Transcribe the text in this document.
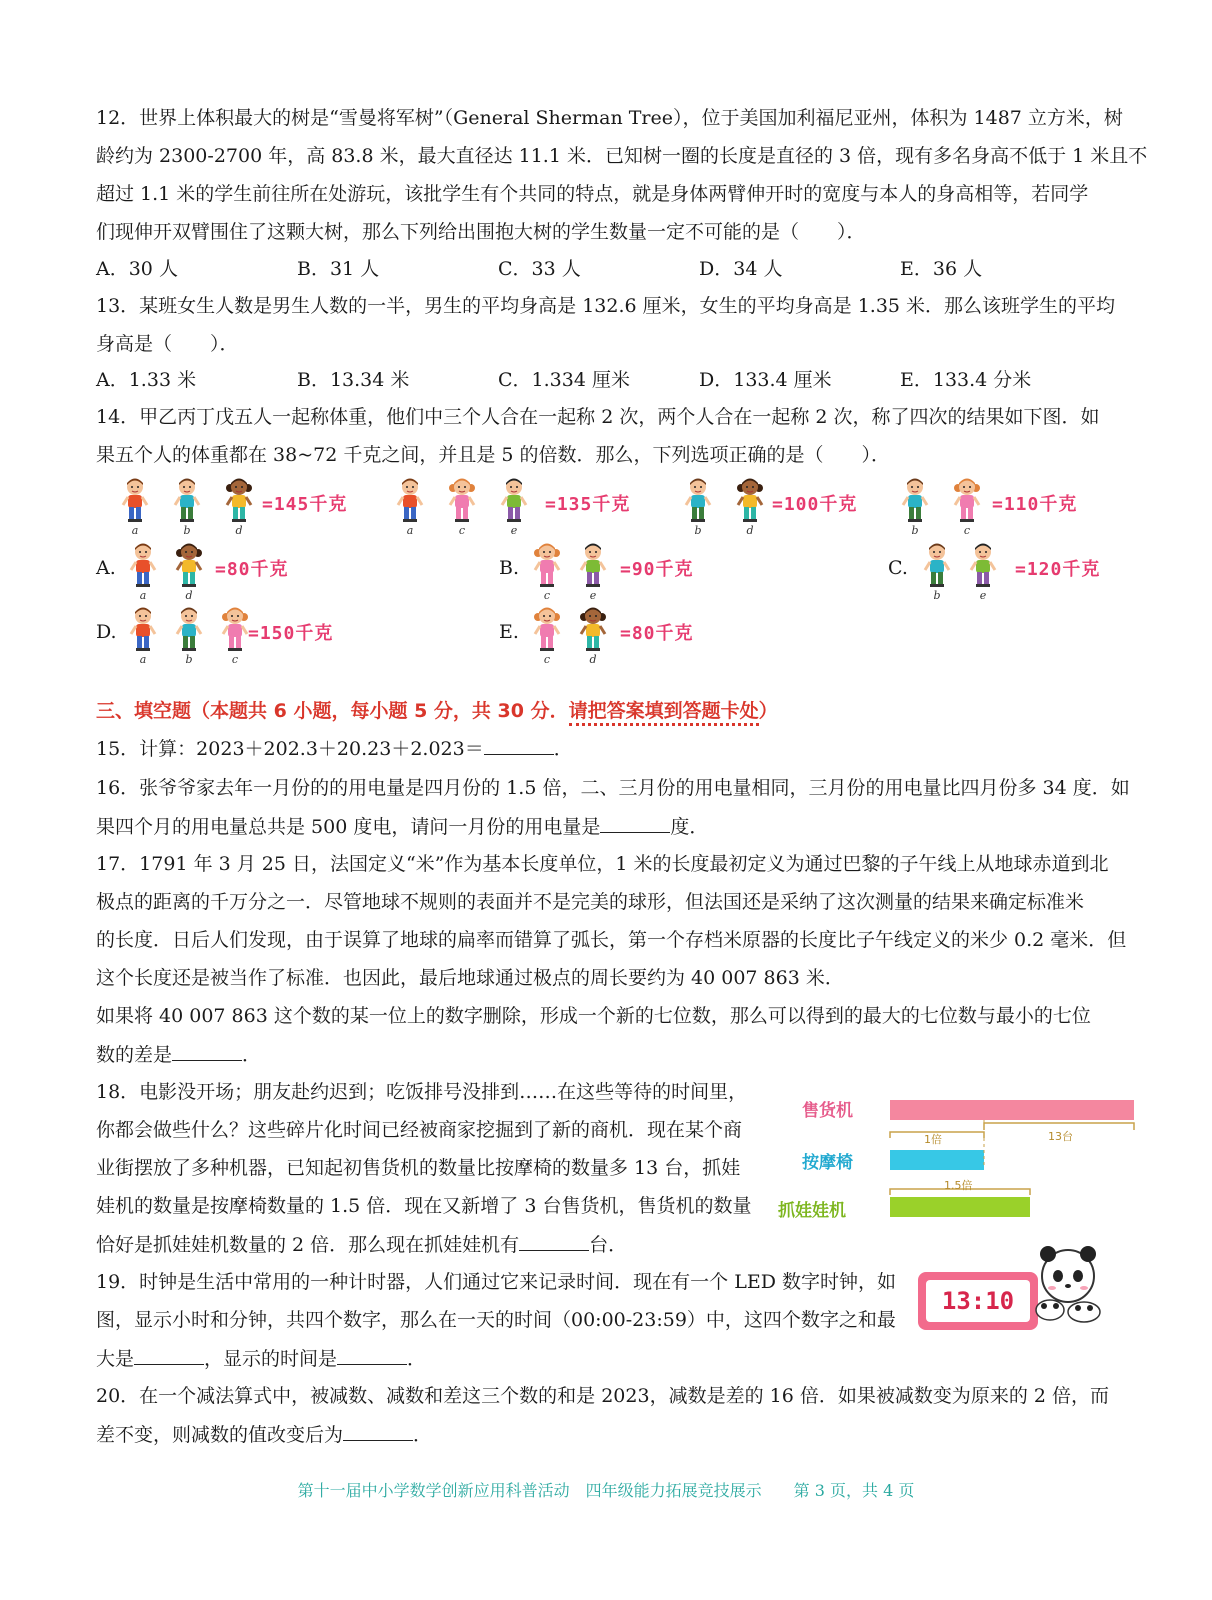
12．世界上体积最大的树是“雪曼将军树”（General Sherman Tree），位于美国加利福尼亚州，体积为 1487 立方米，树
龄约为 2300-2700 年，高 83.8 米，最大直径达 11.1 米．已知树一圈的长度是直径的 3 倍，现有多名身高不低于 1 米且不
超过 1.1 米的学生前往所在处游玩，该批学生有个共同的特点，就是身体两臂伸开时的宽度与本人的身高相等，若同学
们现伸开双臂围住了这颗大树，那么下列给出围抱大树的学生数量一定不可能的是（　　）．
A．30 人	B．31 人	C．33 人	D．34 人	E．36 人
13．某班女生人数是男生人数的一半，男生的平均身高是 132.6 厘米，女生的平均身高是 1.35 米．那么该班学生的平均
身高是（　　）．
A．1.33 米	B．13.34 米	C．1.334 厘米	D．133.4 厘米	E．133.4 分米
14．甲乙丙丁戊五人一起称体重，他们中三个人合在一起称 2 次，两个人合在一起称 2 次，称了四次的结果如下图．如
果五个人的体重都在 38~72 千克之间，并且是 5 的倍数．那么，下列选项正确的是（　　）．
a	b	d	a	c	e	b	d	b	c
a	d	c	e	b	e
a	b	c	c	d
=145千克	=135千克	=100千克	=110千克
A.	=80千克	B.	=90千克	C.	=120千克
D.	=150千克	E.	=80千克
三、填空题（本题共 6 小题，每小题 5 分，共 30 分．请把答案填到答题卡处）
15．计算：2023＋202.3＋20.23＋2.023＝	．
16．张爷爷家去年一月份的的用电量是四月份的 1.5 倍，二、三月份的用电量相同，三月份的用电量比四月份多 34 度．如
果四个月的用电量总共是 500 度电，请问一月份的用电量是	度．
17．1791 年 3 月 25 日，法国定义“米”作为基本长度单位，1 米的长度最初定义为通过巴黎的子午线上从地球赤道到北
极点的距离的千万分之一．尽管地球不规则的表面并不是完美的球形，但法国还是采纳了这次测量的结果来确定标准米
的长度．日后人们发现，由于误算了地球的扁率而错算了弧长，第一个存档米原器的长度比子午线定义的米少 0.2 毫米．但
这个长度还是被当作了标准．也因此，最后地球通过极点的周长要约为 40 007 863 米．
如果将 40 007 863 这个数的某一位上的数字删除，形成一个新的七位数，那么可以得到的最大的七位数与最小的七位
数的差是	．
18．电影没开场；朋友赴约迟到；吃饭排号没排到……在这些等待的时间里，
你都会做些什么？这些碎片化时间已经被商家挖掘到了新的商机．现在某个商
业街摆放了多种机器，已知起初售货机的数量比按摩椅的数量多 13 台，抓娃
娃机的数量是按摩椅数量的 1.5 倍．现在又新增了 3 台售货机，售货机的数量
恰好是抓娃娃机数量的 2 倍．那么现在抓娃娃机有	台．
售货机
按摩椅
抓娃娃机
1倍	13台
1.5倍
19．时钟是生活中常用的一种计时器，人们通过它来记录时间．现在有一个 LED 数字时钟，如
图，显示小时和分钟，共四个数字，那么在一天的时间（00:00-23:59）中，这四个数字之和最
大是	，显示的时间是	．
13:10
20．在一个减法算式中，被减数、减数和差这三个数的和是 2023，减数是差的 16 倍．如果被减数变为原来的 2 倍，而
差不变，则减数的值改变后为	．
第十一届中小学数学创新应用科普活动　四年级能力拓展竞技展示　　第 3 页，共 4 页
